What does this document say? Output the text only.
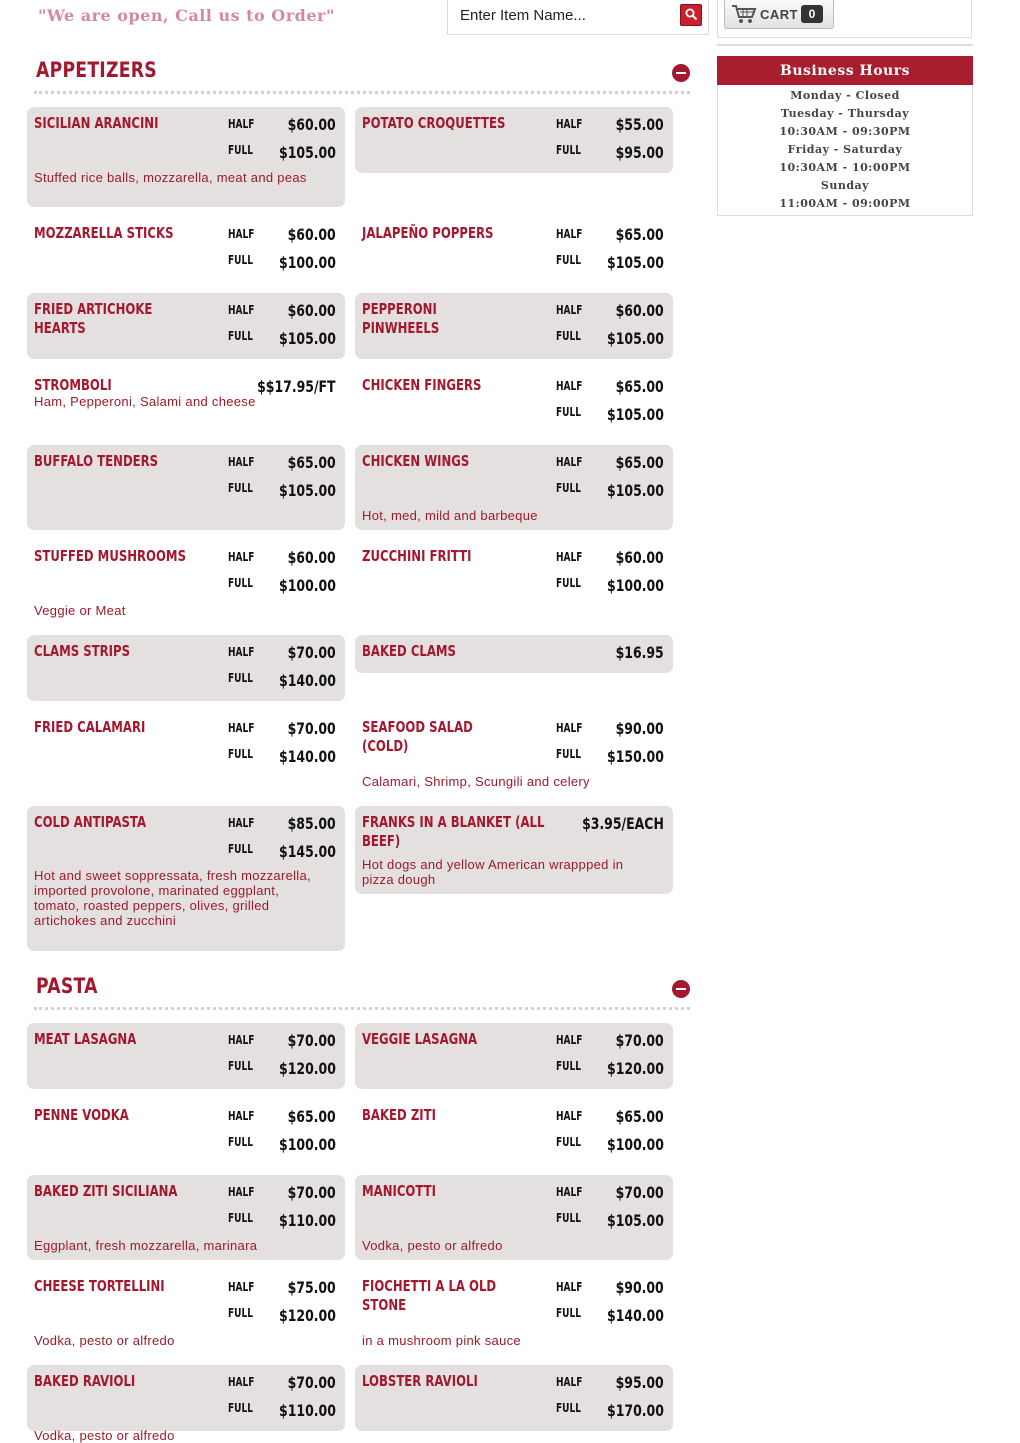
"We are open, Call us to Order"
Enter Item Name...	CART 0
Business Hours
Monday - Closed
Tuesday - Thursday
10:30AM - 09:30PM
Friday - Saturday
10:30AM - 10:00PM
Sunday
11:00AM - 09:00PM
APPETIZERS
SICILIAN ARANCINI	HALF $60.00
FULL $105.00
Stuffed rice balls, mozzarella, meat and peas
POTATO CROQUETTES	HALF $55.00
FULL $95.00
MOZZARELLA STICKS	HALF $60.00
FULL $100.00
JALAPEÑO POPPERS	HALF $65.00
FULL $105.00
FRIED ARTICHOKE HEARTS
HALF $60.00
FULL $105.00
PEPPERONI PINWHEELS
HALF $60.00
FULL $105.00
STROMBOLI	$$17.95/FT
Ham, Pepperoni, Salami and cheese
CHICKEN FINGERS	HALF $65.00
FULL $105.00
BUFFALO TENDERS	HALF $65.00
FULL $105.00
CHICKEN WINGS	HALF $65.00
FULL $105.00
Hot, med, mild and barbeque
STUFFED MUSHROOMS	HALF $60.00
FULL $100.00
Veggie or Meat
ZUCCHINI FRITTI	HALF $60.00
FULL $100.00
CLAMS STRIPS	HALF $70.00
FULL $140.00
BAKED CLAMS	$16.95
FRIED CALAMARI	HALF $70.00
FULL $140.00
SEAFOOD SALAD (COLD)
HALF $90.00
FULL $150.00
Calamari, Shrimp, Scungili and celery
COLD ANTIPASTA	HALF $85.00
FULL $145.00
Hot and sweet soppressata, fresh mozzarella, imported provolone, marinated eggplant, tomato, roasted peppers, olives, grilled artichokes and zucchini
FRANKS IN A BLANKET (ALL BEEF)
$3.95/EACH
Hot dogs and yellow American wrappped in pizza dough
PASTA
MEAT LASAGNA	HALF $70.00
FULL $120.00
VEGGIE LASAGNA	HALF $70.00
FULL $120.00
PENNE VODKA	HALF $65.00
FULL $100.00
BAKED ZITI	HALF $65.00
FULL $100.00
BAKED ZITI SICILIANA	HALF $70.00
FULL $110.00
Eggplant, fresh mozzarella, marinara
MANICOTTI	HALF $70.00
FULL $105.00
Vodka, pesto or alfredo
CHEESE TORTELLINI	HALF $75.00
FULL $120.00
Vodka, pesto or alfredo
FIOCHETTI A LA OLD STONE
HALF $90.00
FULL $140.00
in a mushroom pink sauce
BAKED RAVIOLI	HALF $70.00
FULL $110.00
Vodka, pesto or alfredo
LOBSTER RAVIOLI	HALF $95.00
FULL $170.00
